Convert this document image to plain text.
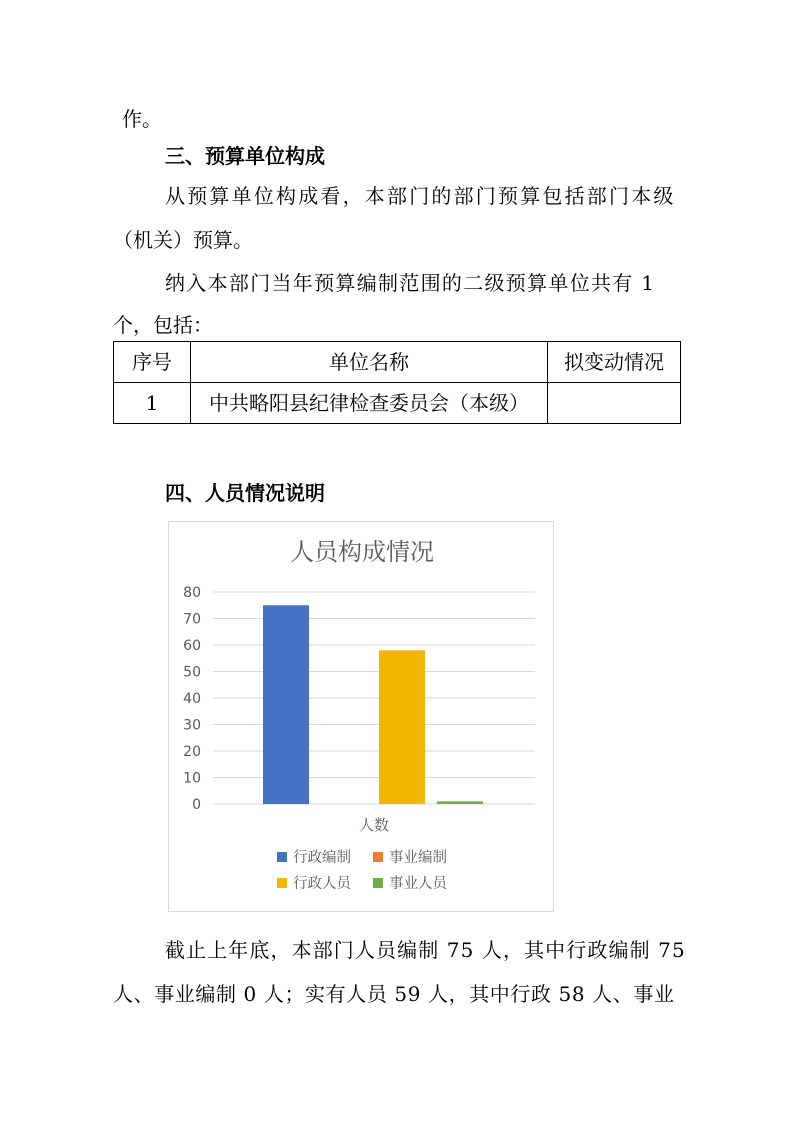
作。
三、预算单位构成
从预算单位构成看，本部门的部门预算包括部门本级
（机关）预算。
纳入本部门当年预算编制范围的二级预算单位共有 1
个，包括：
序号	单位名称	拟变动情况
1	中共略阳县纪律检查委员会（本级）	
四、人员情况说明
人员构成情况
0
10
20
30
40
50
60
70
80
人数
行政编制	事业编制
行政人员	事业人员
截止上年底，本部门人员编制 75 人，其中行政编制 75
人、事业编制 0 人；实有人员 59 人，其中行政 58 人、事业
